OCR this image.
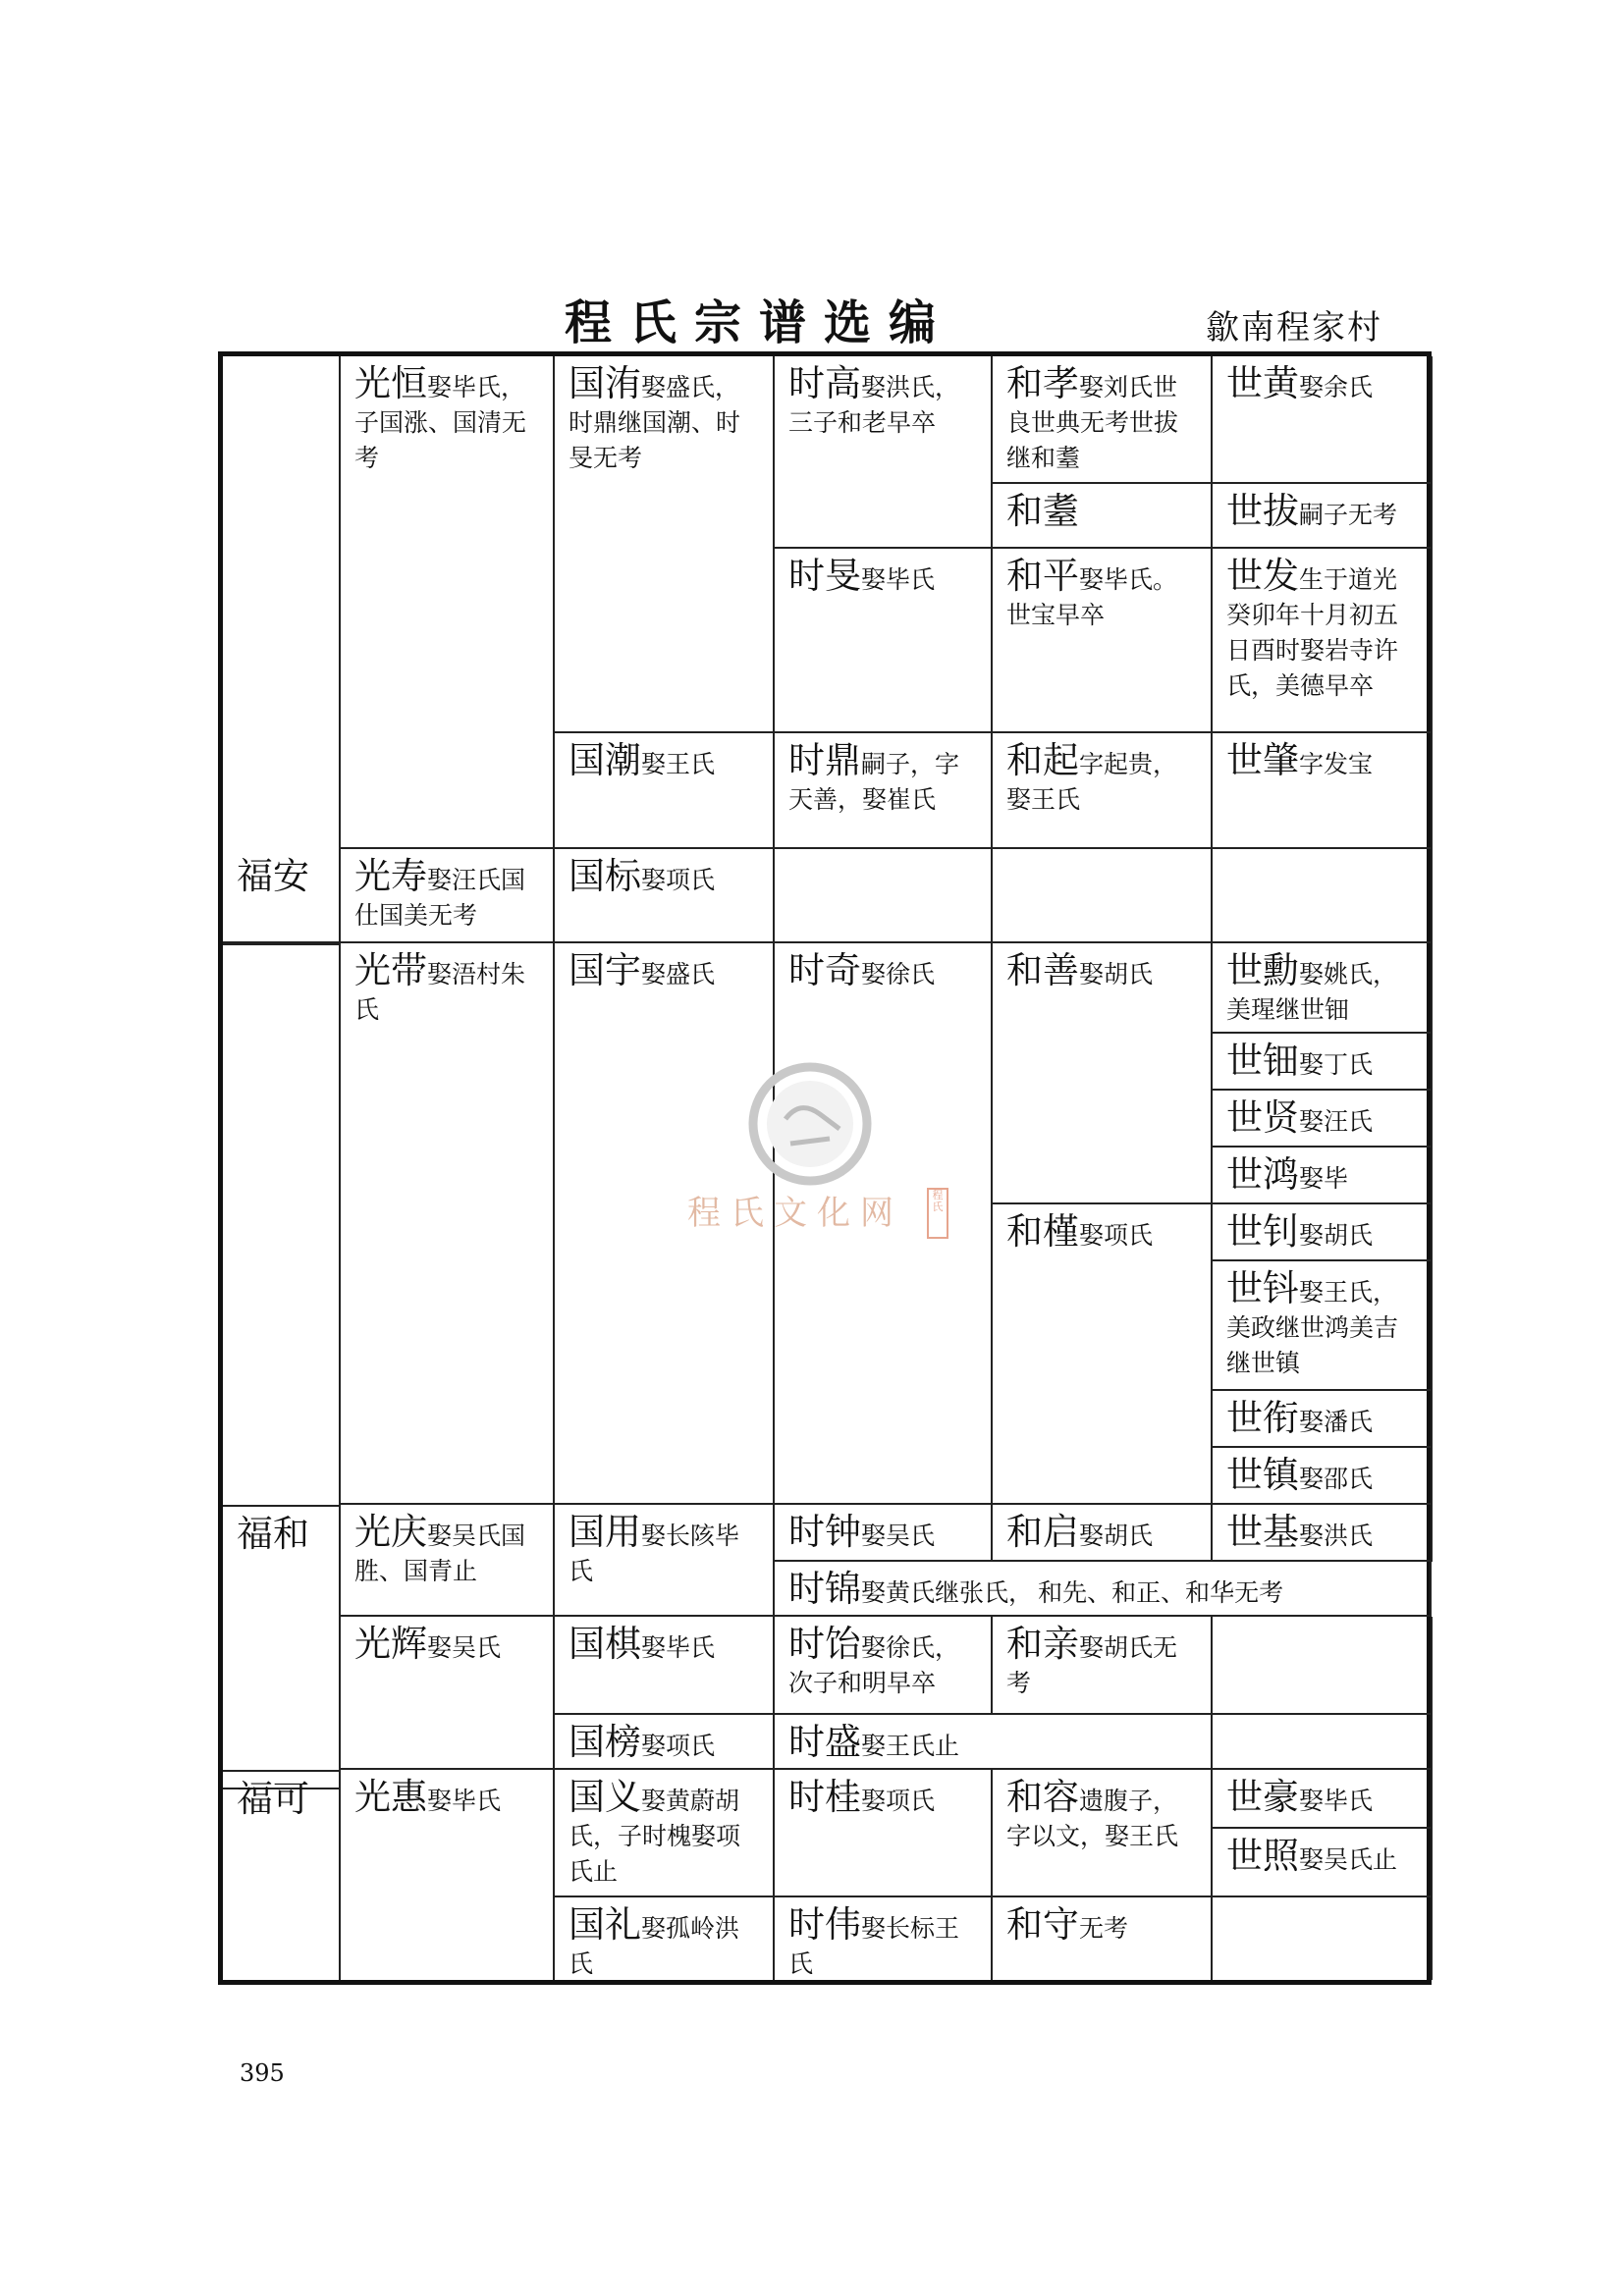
程氏宗谱选编	歙南程家村
福安
福和
福可
光恒娶毕氏，子国涨、国清无考
光寿娶汪氏国仕国美无考
光带娶浯村朱氏
光庆娶吴氏国胜、国青止
光辉娶吴氏
光惠娶毕氏
国洧娶盛氏，时鼎继国潮、时旻无考
国潮娶王氏
国标娶项氏
国宇娶盛氏
国用娶长陔毕氏
国棋娶毕氏
国榜娶项氏
国义娶黄蔚胡氏，子时槐娶项氏止
国礼娶孤岭洪氏
时高娶洪氏，三子和老早卒
时旻娶毕氏
时鼎嗣子，字天善，娶崔氏
时奇娶徐氏
时钟娶吴氏
时锦娶黄氏继张氏， 和先、和正、和华无考
时饴娶徐氏，次子和明早卒
时盛娶王氏止
时桂娶项氏
时伟娶长标王氏
和孝娶刘氏世良世典无考世拔继和耋
和耋
和平娶毕氏。世宝早卒
和起字起贵，娶王氏
和善娶胡氏
和槿娶项氏
和启娶胡氏
和亲娶胡氏无考
和容遗腹子，字以文，娶王氏
和守无考
世黄娶余氏
世拔嗣子无考
世发生于道光癸卯年十月初五日酉时娶岩寺许氏，美德早卒
世肇字发宝
世勳娶姚氏，美瑆继世钿
世钿娶丁氏
世贤娶汪氏
世鸿娶毕
世钊娶胡氏
世钭娶王氏，美政继世鸿美吉继世镇
世衔娶潘氏
世镇娶邵氏
世基娶洪氏
世豪娶毕氏
世照娶吴氏止
程氏文化网	程氏
395
